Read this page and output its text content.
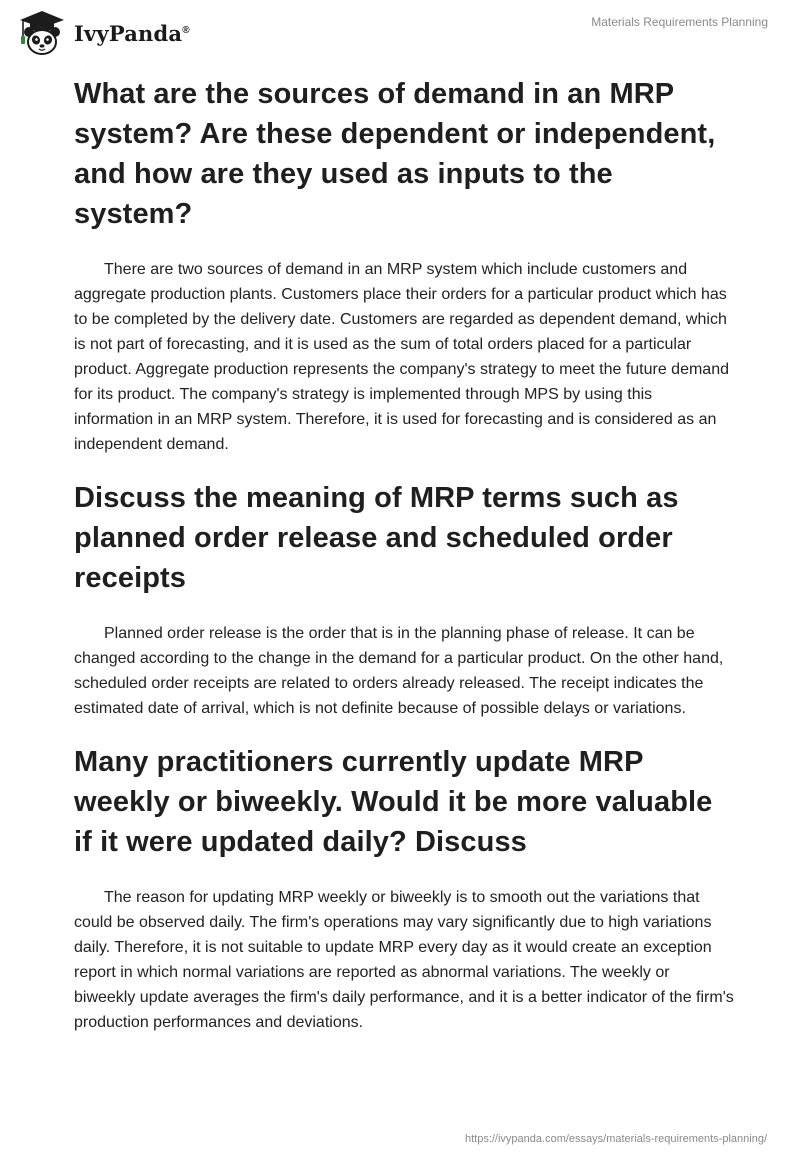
IvyPanda®
Materials Requirements Planning
What are the sources of demand in an MRP system? Are these dependent or independent, and how are they used as inputs to the system?

There are two sources of demand in an MRP system which include customers and aggregate production plants. Customers place their orders for a particular product which has to be completed by the delivery date. Customers are regarded as dependent demand, which is not part of forecasting, and it is used as the sum of total orders placed for a particular product. Aggregate production represents the company's strategy to meet the future demand for its product. The company's strategy is implemented through MPS by using this information in an MRP system. Therefore, it is used for forecasting and is considered as an independent demand.

Discuss the meaning of MRP terms such as planned order release and scheduled order receipts

Planned order release is the order that is in the planning phase of release. It can be changed according to the change in the demand for a particular product. On the other hand, scheduled order receipts are related to orders already released. The receipt indicates the estimated date of arrival, which is not definite because of possible delays or variations.

Many practitioners currently update MRP weekly or biweekly. Would it be more valuable if it were updated daily? Discuss

The reason for updating MRP weekly or biweekly is to smooth out the variations that could be observed daily. The firm's operations may vary significantly due to high variations daily. Therefore, it is not suitable to update MRP every day as it would create an exception report in which normal variations are reported as abnormal variations. The weekly or biweekly update averages the firm's daily performance, and it is a better indicator of the firm's production performances and deviations.

https://ivypanda.com/essays/materials-requirements-planning/
